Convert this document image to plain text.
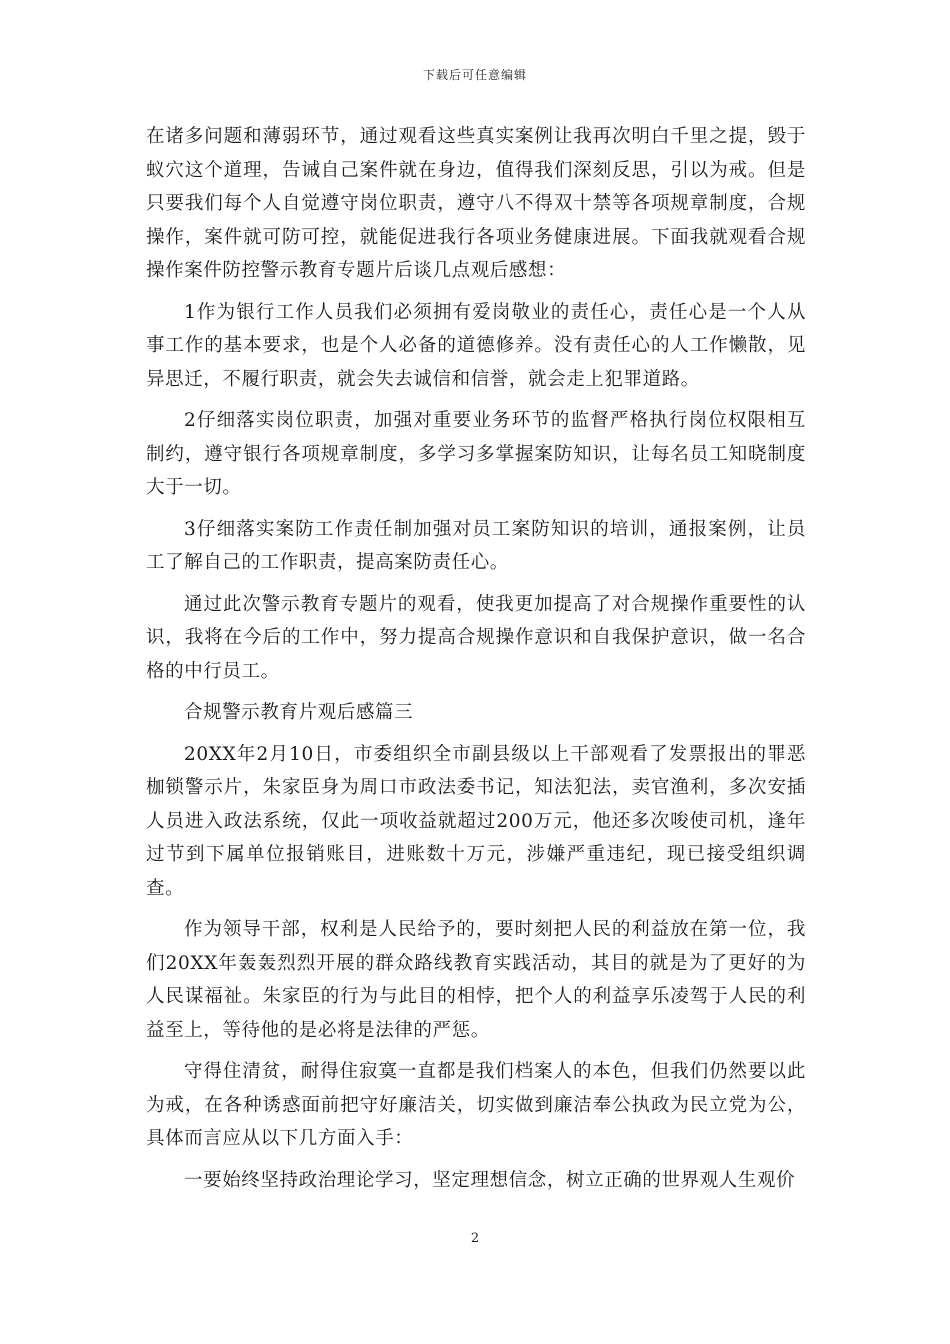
下载后可任意编辑

在诸多问题和薄弱环节，通过观看这些真实案例让我再次明白千里之提，毁于蚁穴这个道理，告诫自己案件就在身边，值得我们深刻反思，引以为戒。但是只要我们每个人自觉遵守岗位职责，遵守八不得双十禁等各项规章制度，合规操作，案件就可防可控，就能促进我行各项业务健康进展。下面我就观看合规操作案件防控警示教育专题片后谈几点观后感想：

1作为银行工作人员我们必须拥有爱岗敬业的责任心，责任心是一个人从事工作的基本要求，也是个人必备的道德修养。没有责任心的人工作懒散，见异思迁，不履行职责，就会失去诚信和信誉，就会走上犯罪道路。

2仔细落实岗位职责，加强对重要业务环节的监督严格执行岗位权限相互制约，遵守银行各项规章制度，多学习多掌握案防知识，让每名员工知晓制度大于一切。

3仔细落实案防工作责任制加强对员工案防知识的培训，通报案例，让员工了解自己的工作职责，提高案防责任心。

通过此次警示教育专题片的观看，使我更加提高了对合规操作重要性的认识，我将在今后的工作中，努力提高合规操作意识和自我保护意识，做一名合格的中行员工。

合规警示教育片观后感篇三

20XX年2月10日，市委组织全市副县级以上干部观看了发票报出的罪恶枷锁警示片，朱家臣身为周口市政法委书记，知法犯法，卖官渔利，多次安插人员进入政法系统，仅此一项收益就超过200万元，他还多次唆使司机，逢年过节到下属单位报销账目，进账数十万元，涉嫌严重违纪，现已接受组织调查。

作为领导干部，权利是人民给予的，要时刻把人民的利益放在第一位，我们20XX年轰轰烈烈开展的群众路线教育实践活动，其目的就是为了更好的为人民谋福祉。朱家臣的行为与此目的相悖，把个人的利益享乐凌驾于人民的利益至上，等待他的是必将是法律的严惩。

守得住清贫，耐得住寂寞一直都是我们档案人的本色，但我们仍然要以此为戒，在各种诱惑面前把守好廉洁关，切实做到廉洁奉公执政为民立党为公，具体而言应从以下几方面入手：

一要始终坚持政治理论学习，坚定理想信念，树立正确的世界观人生观价

2
